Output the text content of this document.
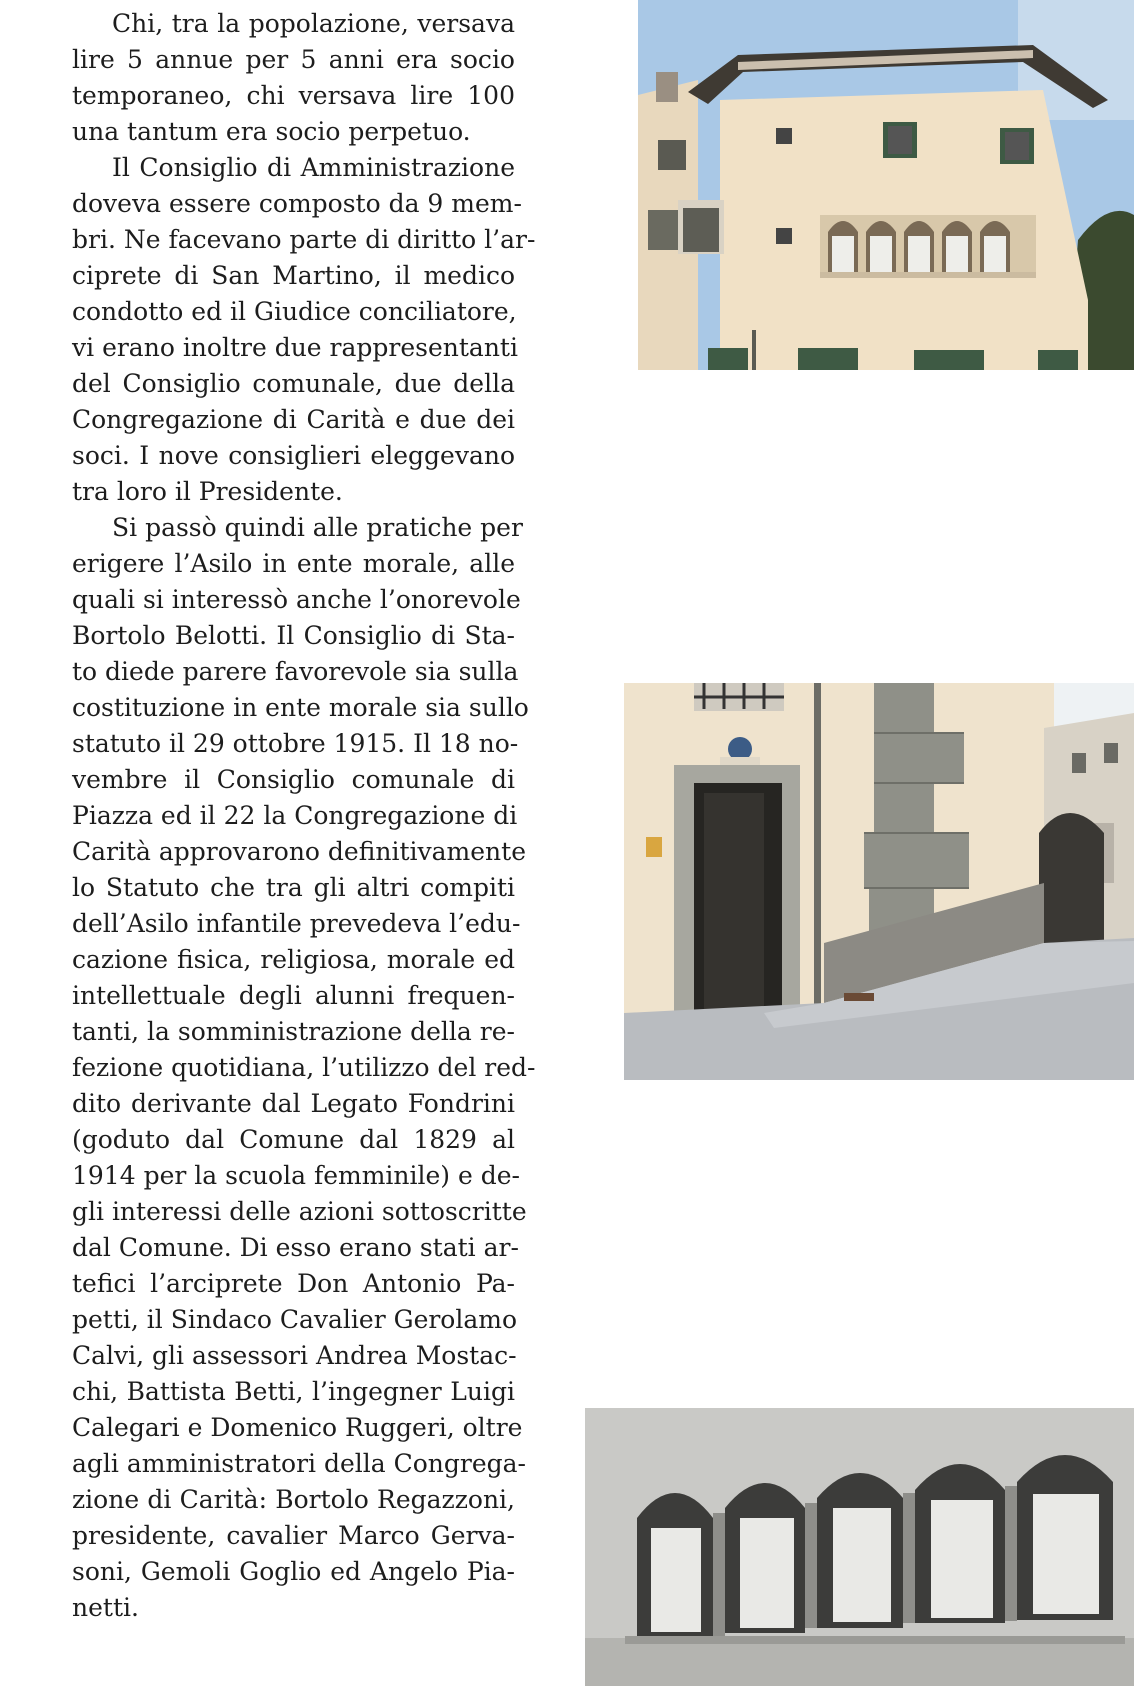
Chi, tra la popolazione, versava
lire 5 annue per 5 anni era socio
temporaneo, chi versava lire 100
una tantum era socio perpetuo.
Il Consiglio di Amministrazione
doveva essere composto da 9 mem-
bri. Ne facevano parte di diritto l’ar-
ciprete di San Martino, il medico
condotto ed il Giudice conciliatore,
vi erano inoltre due rappresentanti
del Consiglio comunale, due della
Congregazione di Carità e due dei
soci. I nove consiglieri eleggevano
tra loro il Presidente.
Si passò quindi alle pratiche per
erigere l’Asilo in ente morale, alle
quali si interessò anche l’onorevole
Bortolo Belotti. Il Consiglio di Sta-
to diede parere favorevole sia sulla
costituzione in ente morale sia sullo
statuto il 29 ottobre 1915. Il 18 no-
vembre il Consiglio comunale di
Piazza ed il 22 la Congregazione di
Carità approvarono definitivamente
lo Statuto che tra gli altri compiti
dell’Asilo infantile prevedeva l’edu-
cazione fisica, religiosa, morale ed
intellettuale degli alunni frequen-
tanti, la somministrazione della re-
fezione quotidiana, l’utilizzo del red-
dito derivante dal Legato Fondrini
(goduto dal Comune dal 1829 al
1914 per la scuola femminile) e de-
gli interessi delle azioni sottoscritte
dal Comune. Di esso erano stati ar-
tefici l’arciprete Don Antonio Pa-
petti, il Sindaco Cavalier Gerolamo
Calvi, gli assessori Andrea Mostac-
chi, Battista Betti, l’ingegner Luigi
Calegari e Domenico Ruggeri, oltre
agli amministratori della Congrega-
zione di Carità: Bortolo Regazzoni,
presidente, cavalier Marco Gerva-
soni, Gemoli Goglio ed Angelo Pia-
netti.
